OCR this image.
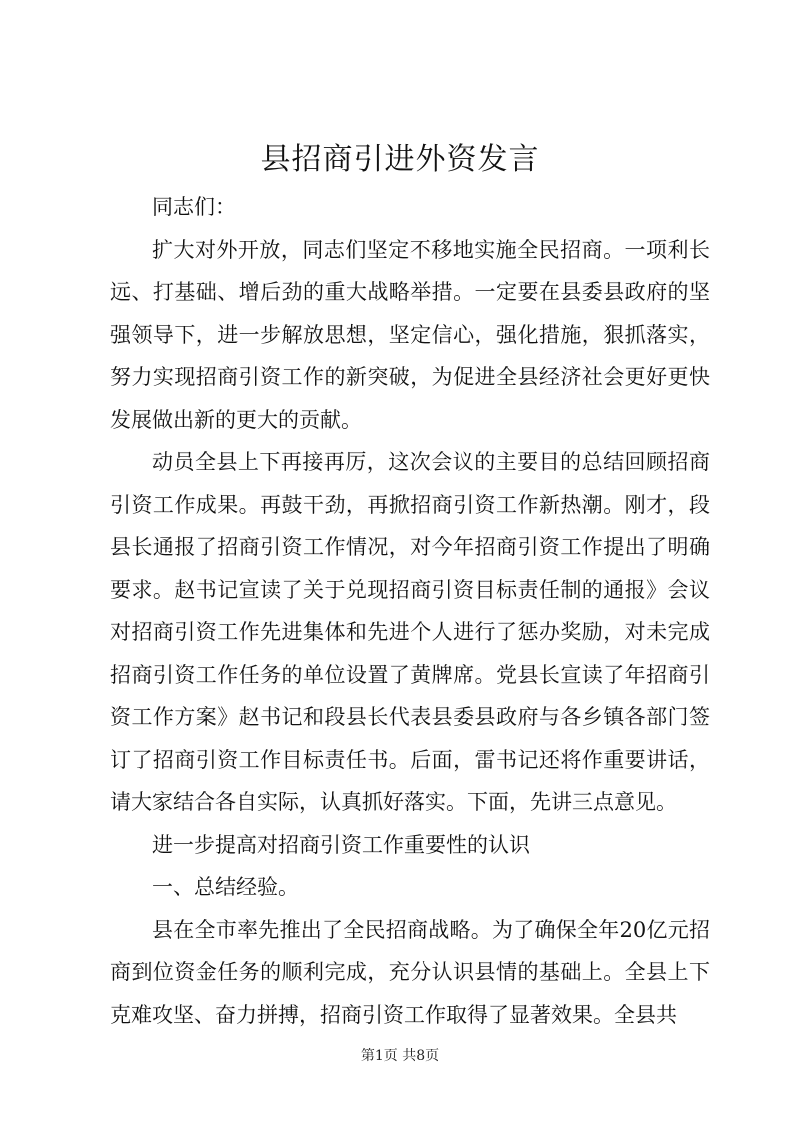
县招商引进外资发言

同志们：

扩大对外开放，同志们坚定不移地实施全民招商。一项利长远、打基础、增后劲的重大战略举措。一定要在县委县政府的坚强领导下，进一步解放思想，坚定信心，强化措施，狠抓落实，努力实现招商引资工作的新突破，为促进全县经济社会更好更快发展做出新的更大的贡献。

动员全县上下再接再厉，这次会议的主要目的总结回顾招商引资工作成果。再鼓干劲，再掀招商引资工作新热潮。刚才，段县长通报了招商引资工作情况，对今年招商引资工作提出了明确要求。赵书记宣读了关于兑现招商引资目标责任制的通报》会议对招商引资工作先进集体和先进个人进行了惩办奖励，对未完成招商引资工作任务的单位设置了黄牌席。党县长宣读了年招商引资工作方案》赵书记和段县长代表县委县政府与各乡镇各部门签订了招商引资工作目标责任书。后面，雷书记还将作重要讲话，请大家结合各自实际，认真抓好落实。下面，先讲三点意见。

进一步提高对招商引资工作重要性的认识

一、总结经验。

县在全市率先推出了全民招商战略。为了确保全年20亿元招商到位资金任务的顺利完成，充分认识县情的基础上。全县上下克难攻坚、奋力拼搏，招商引资工作取得了显著效果。全县共

第1页 共8页
